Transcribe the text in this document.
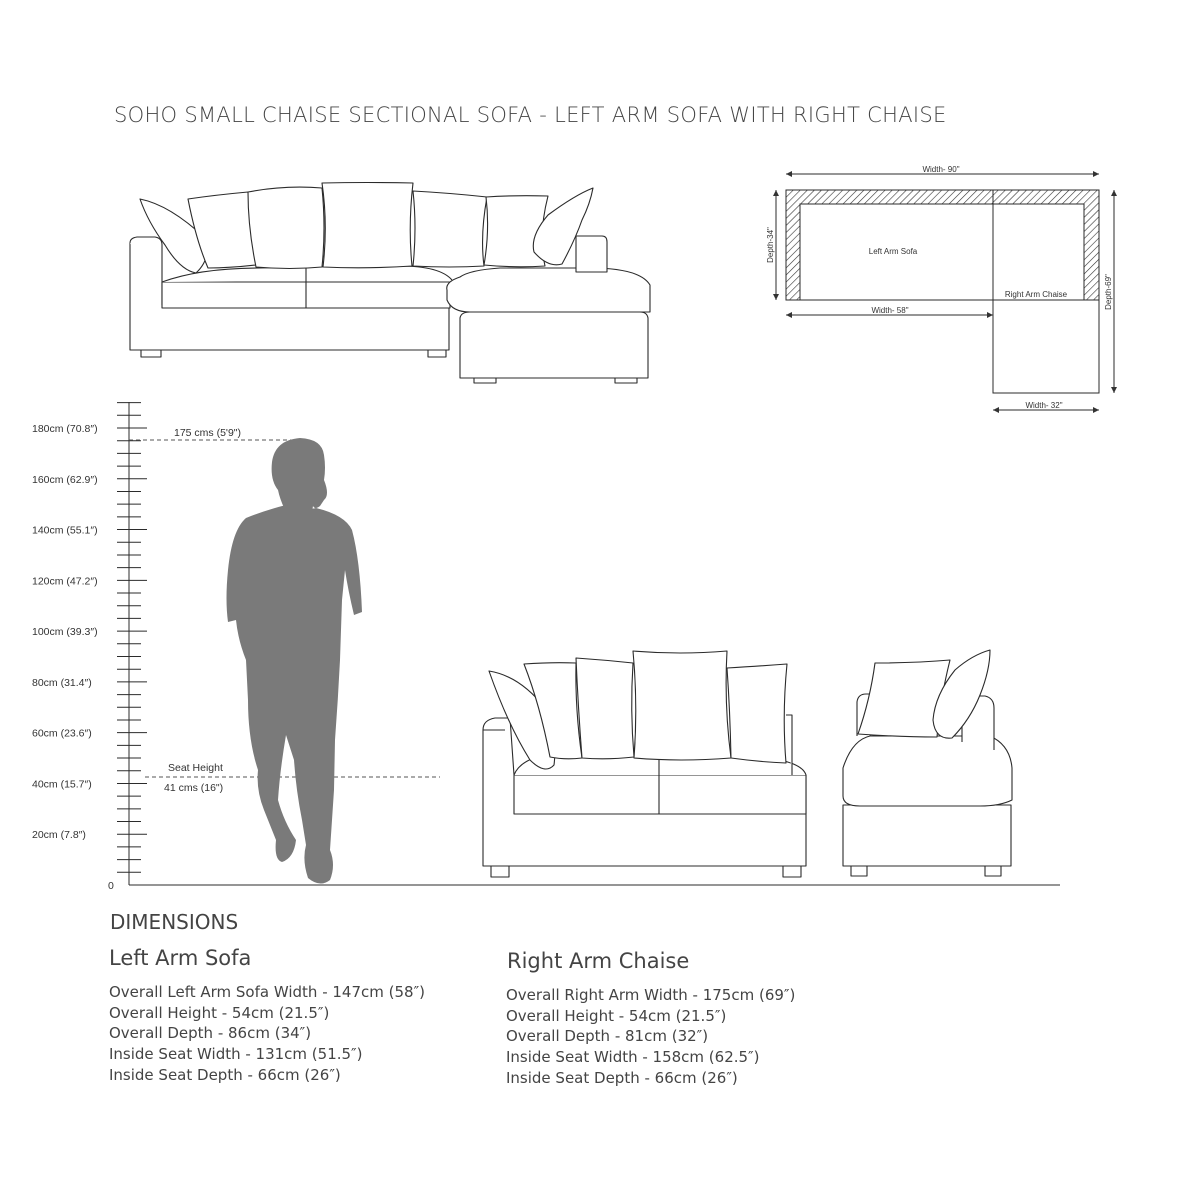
SOHO SMALL CHAISE SECTIONAL SOFA - LEFT ARM SOFA WITH RIGHT CHAISE
Width- 90"
Width- 58"
Width- 32"
Left Arm Sofa
Right Arm Chaise
Depth-34"
Depth-69"
180cm (70.8″)
160cm (62.9″)
140cm (55.1″)
120cm (47.2″)
100cm (39.3″)
80cm (31.4″)
60cm (23.6″)
40cm (15.7″)
20cm (7.8″)
0
175 cms (5'9")
Seat Height
41 cms (16")
DIMENSIONS
Left Arm Sofa
Overall Left Arm Sofa Width - 147cm (58″)
Overall Height - 54cm (21.5″)
Overall Depth - 86cm (34″)
Inside Seat Width - 131cm (51.5″)
Inside Seat Depth - 66cm (26″)
Right Arm Chaise
Overall Right Arm Width - 175cm (69″)
Overall Height - 54cm (21.5″)
Overall Depth - 81cm (32″)
Inside Seat Width - 158cm (62.5″)
Inside Seat Depth - 66cm (26″)
